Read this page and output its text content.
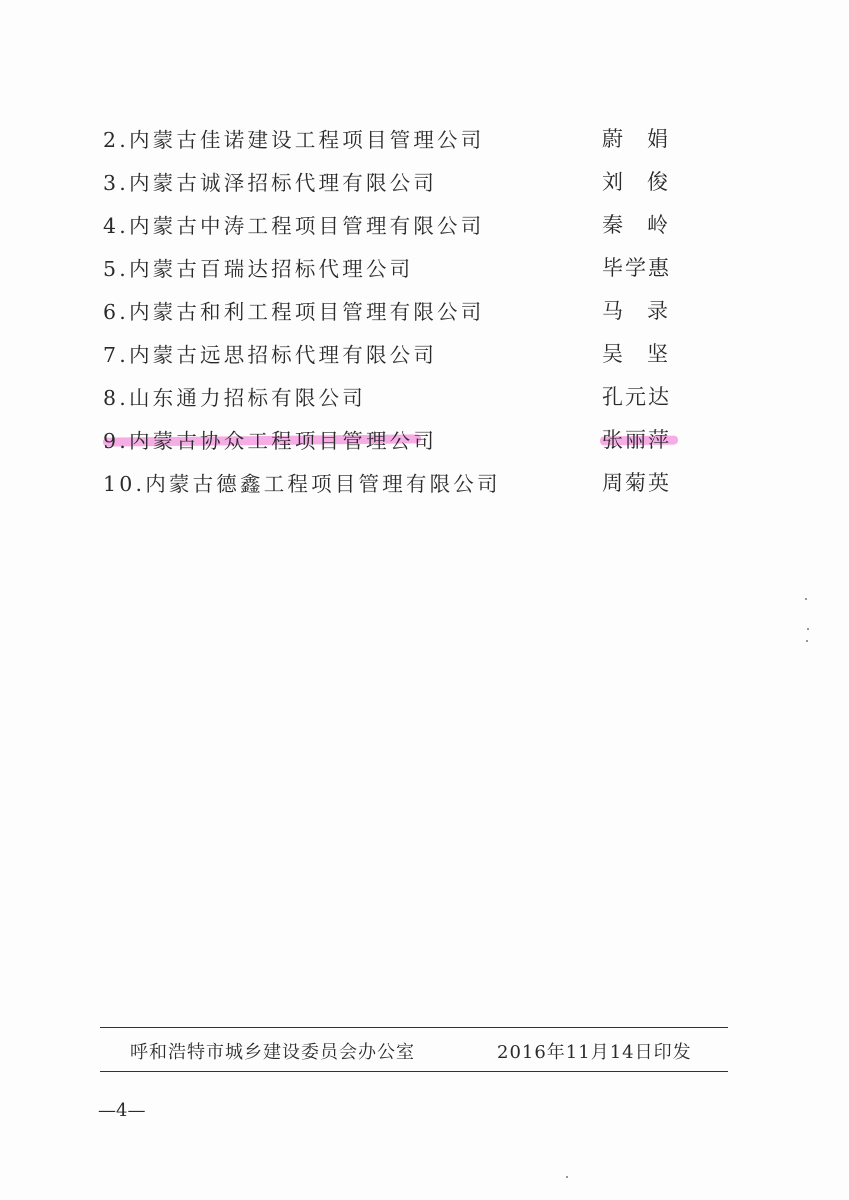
2.内蒙古佳诺建设工程项目管理公司	蔚娟
3.内蒙古诚泽招标代理有限公司	刘俊
4.内蒙古中涛工程项目管理有限公司	秦岭
5.内蒙古百瑞达招标代理公司	毕学惠
6.内蒙古和利工程项目管理有限公司	马录
7.内蒙古远思招标代理有限公司	吴坚
8.山东通力招标有限公司	孔元达
9.内蒙古协众工程项目管理公司	张丽萍
10.内蒙古德鑫工程项目管理有限公司	周菊英
呼和浩特市城乡建设委员会办公室	2016年11月14日印发
—4—
